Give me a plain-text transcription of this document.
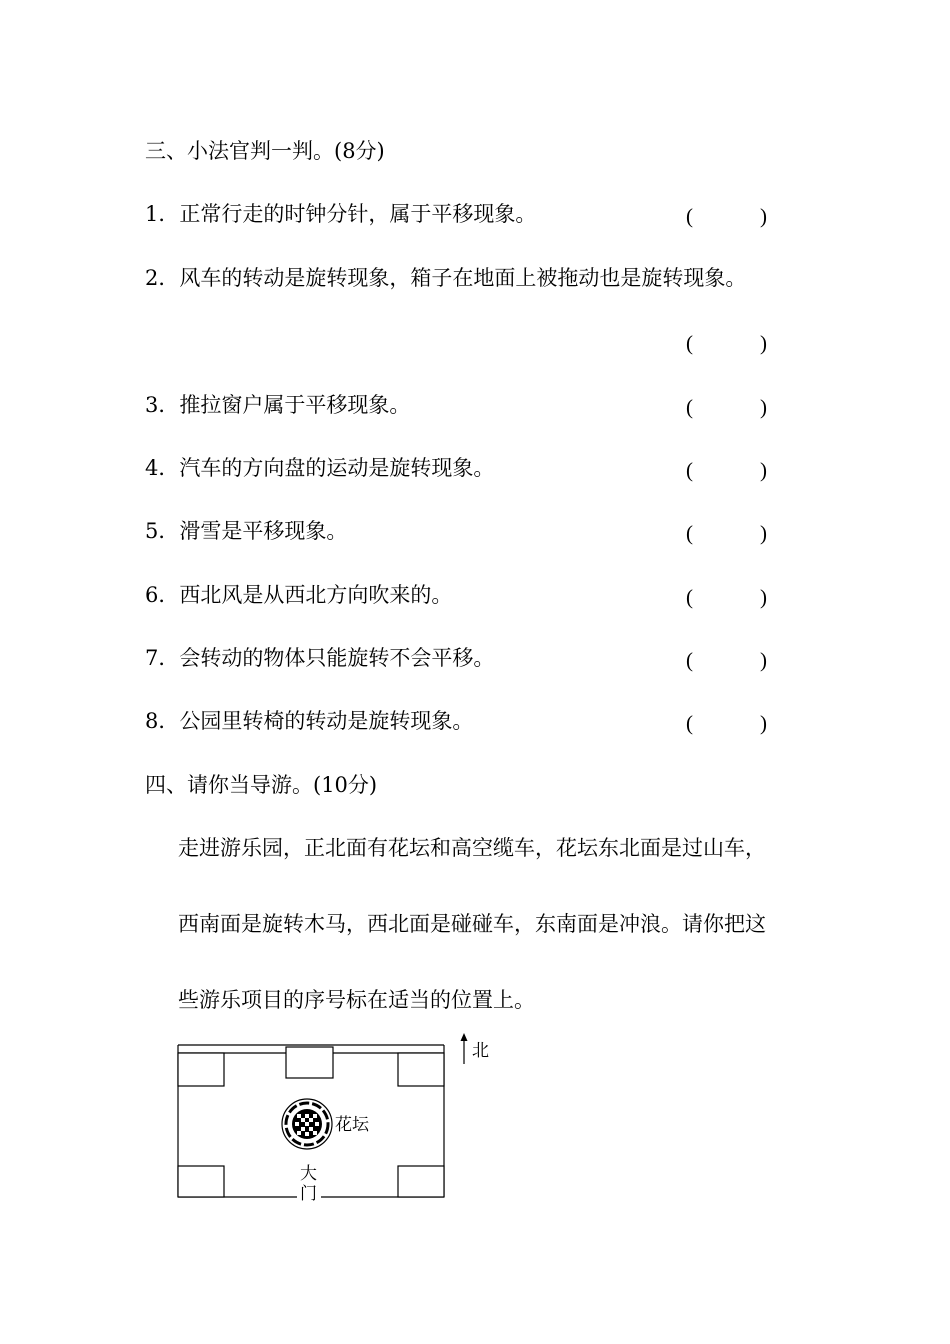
三、小法官判一判。(8分)
1．正常行走的时钟分针，属于平移现象。	(	)
2．风车的转动是旋转现象，箱子在地面上被拖动也是旋转现象。
(	)
3．推拉窗户属于平移现象。	(	)
4．汽车的方向盘的运动是旋转现象。	(	)
5．滑雪是平移现象。	(	)
6．西北风是从西北方向吹来的。	(	)
7．会转动的物体只能旋转不会平移。	(	)
8．公园里转椅的转动是旋转现象。	(	)
四、请你当导游。(10分)
走进游乐园，正北面有花坛和高空缆车，花坛东北面是过山车，
西南面是旋转木马，西北面是碰碰车，东南面是冲浪。请你把这
些游乐项目的序号标在适当的位置上。
花坛
大
门
北
